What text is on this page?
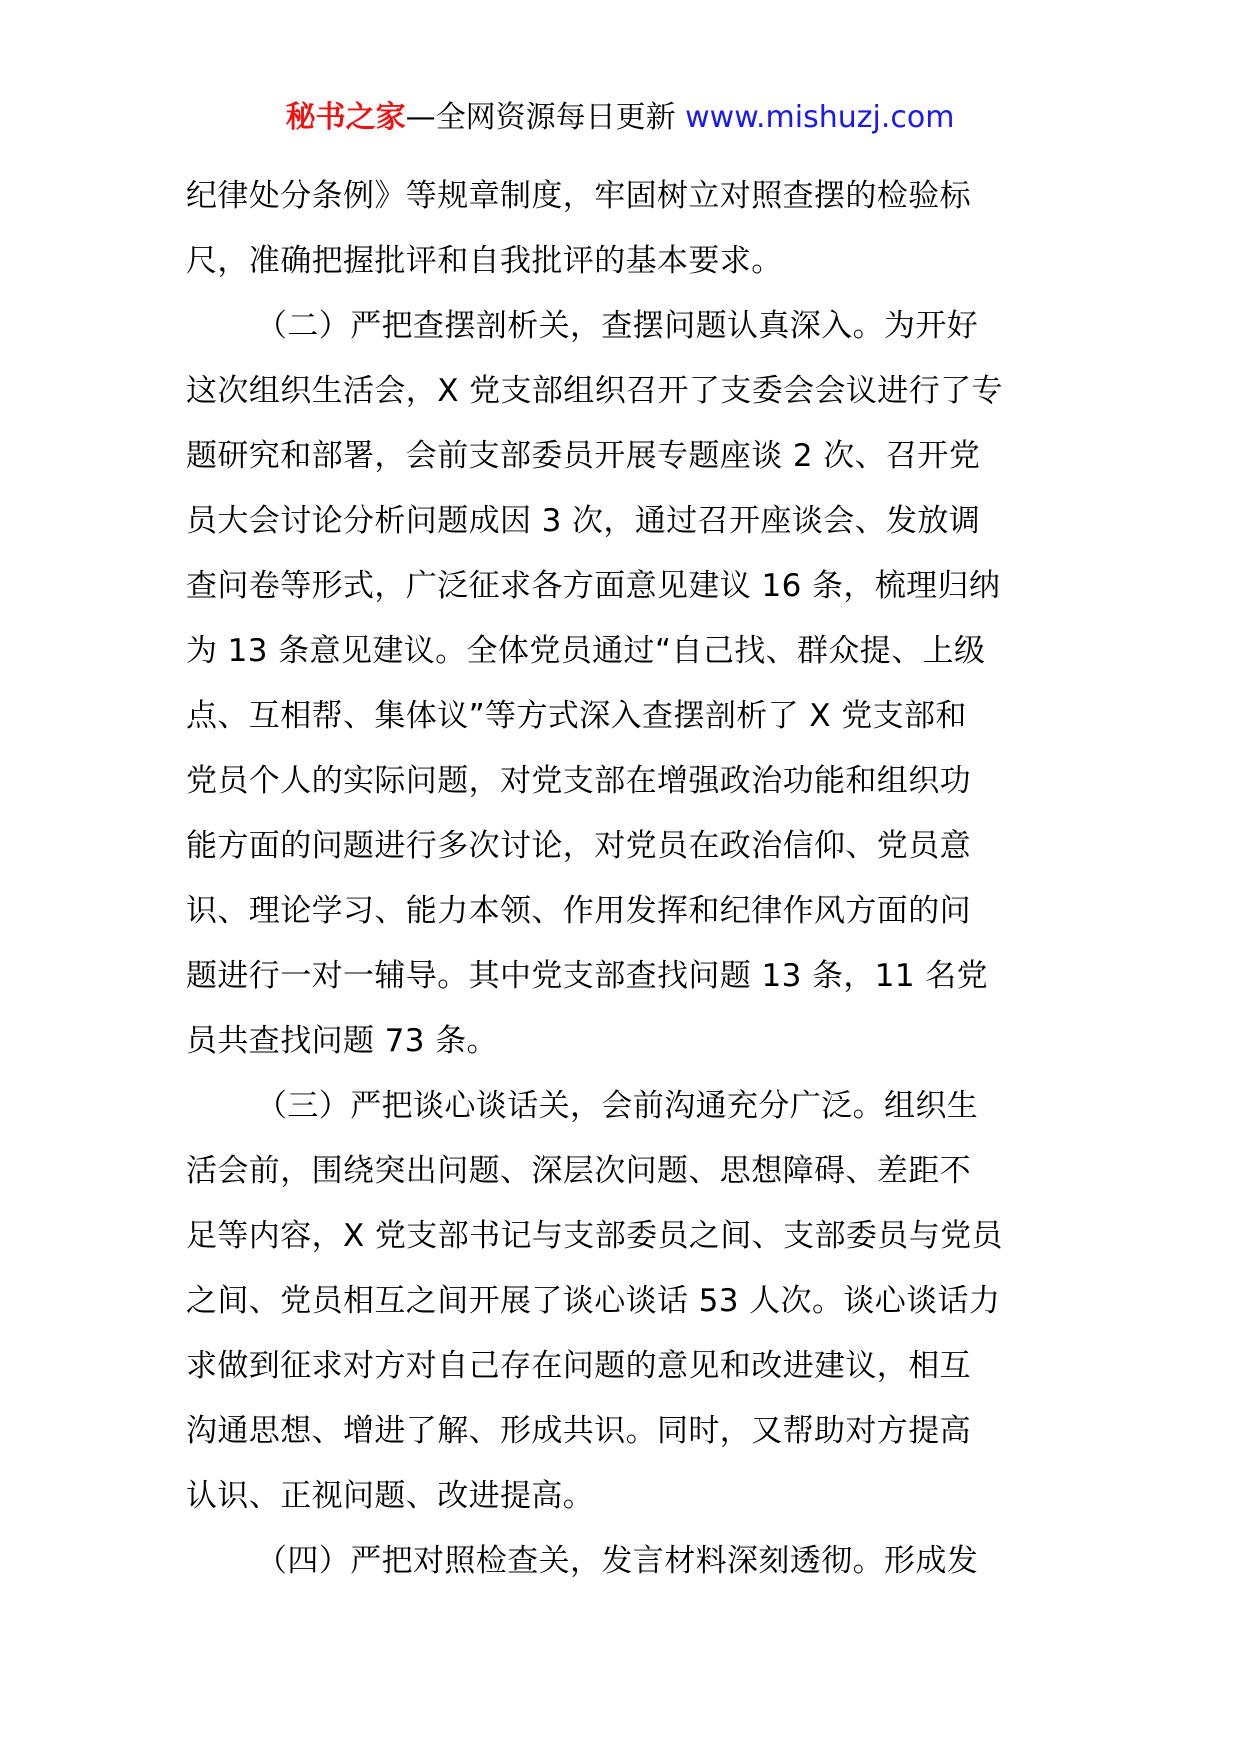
秘书之家—全网资源每日更新 www.mishuzj.com
纪律处分条例》等规章制度，牢固树立对照查摆的检验标
尺，准确把握批评和自我批评的基本要求。
（二）严把查摆剖析关，查摆问题认真深入。为开好
这次组织生活会，X 党支部组织召开了支委会会议进行了专
题研究和部署，会前支部委员开展专题座谈 2 次、召开党
员大会讨论分析问题成因 3 次，通过召开座谈会、发放调
查问卷等形式，广泛征求各方面意见建议 16 条，梳理归纳
为 13 条意见建议。全体党员通过“自己找、群众提、上级
点、互相帮、集体议”等方式深入查摆剖析了 X 党支部和
党员个人的实际问题，对党支部在增强政治功能和组织功
能方面的问题进行多次讨论，对党员在政治信仰、党员意
识、理论学习、能力本领、作用发挥和纪律作风方面的问
题进行一对一辅导。其中党支部查找问题 13 条，11 名党
员共查找问题 73 条。
（三）严把谈心谈话关，会前沟通充分广泛。组织生
活会前，围绕突出问题、深层次问题、思想障碍、差距不
足等内容，X 党支部书记与支部委员之间、支部委员与党员
之间、党员相互之间开展了谈心谈话 53 人次。谈心谈话力
求做到征求对方对自己存在问题的意见和改进建议，相互
沟通思想、增进了解、形成共识。同时，又帮助对方提高
认识、正视问题、改进提高。
（四）严把对照检查关，发言材料深刻透彻。形成发
